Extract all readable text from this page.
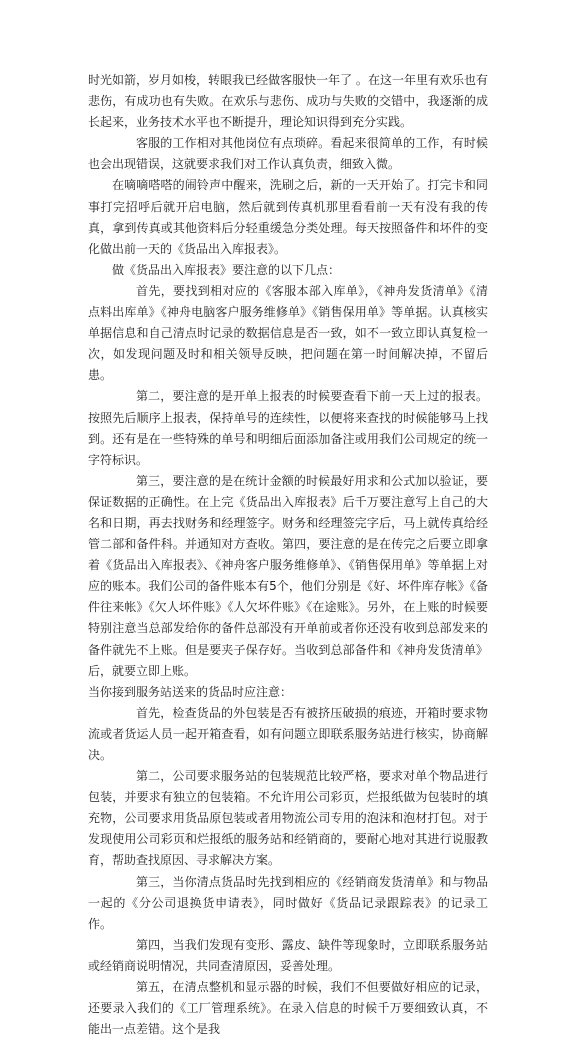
时光如箭，岁月如梭，转眼我已经做客服快一年了 。在这一年里有欢乐也有悲伤，有成功也有失败。在欢乐与悲伤、成功与失败的交错中，我逐渐的成长起来，业务技术水平也不断提升，理论知识得到充分实践。

客服的工作相对其他岗位有点琐碎。看起来很简单的工作，有时候也会出现错误，这就要求我们对工作认真负责，细致入微。

在嘀嘀嗒嗒的闹铃声中醒来，洗刷之后，新的一天开始了。打完卡和同事打完招呼后就开启电脑，然后就到传真机那里看看前一天有没有我的传真，拿到传真或其他资料后分轻重缓急分类处理。每天按照备件和坏件的变化做出前一天的《货品出入库报表》。

做《货品出入库报表》要注意的以下几点：

首先，要找到相对应的《客服本部入库单》，《神舟发货清单》《清点料出库单》《神舟电脑客户服务维修单》《销售保用单》等单据。认真核实单据信息和自己清点时记录的数据信息是否一致，如不一致立即认真复检一次，如发现问题及时和相关领导反映，把问题在第一时间解决掉，不留后患。

第二，要注意的是开单上报表的时候要查看下前一天上过的报表。按照先后顺序上报表，保持单号的连续性，以便将来查找的时候能够马上找到。还有是在一些特殊的单号和明细后面添加备注或用我们公司规定的统一字符标识。

第三，要注意的是在统计金额的时候最好用求和公式加以验证，要保证数据的正确性。在上完《货品出入库报表》后千万要注意写上自己的大名和日期，再去找财务和经理签字。财务和经理签完字后，马上就传真给经管二部和备件科。并通知对方查收。第四，要注意的是在传完之后要立即拿着《货品出入库报表》、《神舟客户服务维修单》、《销售保用单》等单据上对应的账本。我们公司的备件账本有5个，他们分别是《好、坏件库存帐》《备件往来帐》《欠人坏件账》《人欠坏件账》《在途账》。另外，在上账的时候要特别注意当总部发给你的备件总部没有开单前或者你还没有收到总部发来的备件就先不上账。但是要夹子保存好。当收到总部备件和《神舟发货清单》后，就要立即上账。

当你接到服务站送来的货品时应注意：

首先，检查货品的外包装是否有被挤压破损的痕迹，开箱时要求物流或者货运人员一起开箱查看，如有问题立即联系服务站进行核实，协商解决。

第二，公司要求服务站的包装规范比较严格，要求对单个物品进行包装，并要求有独立的包装箱。不允许用公司彩页，烂报纸做为包装时的填充物，公司要求用货品原包装或者用物流公司专用的泡沫和泡材打包。对于发现使用公司彩页和烂报纸的服务站和经销商的，要耐心地对其进行说服教育，帮助查找原因、寻求解决方案。

第三，当你清点货品时先找到相应的《经销商发货清单》和与物品一起的《分公司退换货申请表》，同时做好《货品记录跟踪表》的记录工作。

第四，当我们发现有变形、露皮、缺件等现象时，立即联系服务站或经销商说明情况，共同查清原因，妥善处理。

第五，在清点整机和显示器的时候，我们不但要做好相应的记录，还要录入我们的《工厂管理系统》。在录入信息的时候千万要细致认真，不能出一点差错。这个是我
